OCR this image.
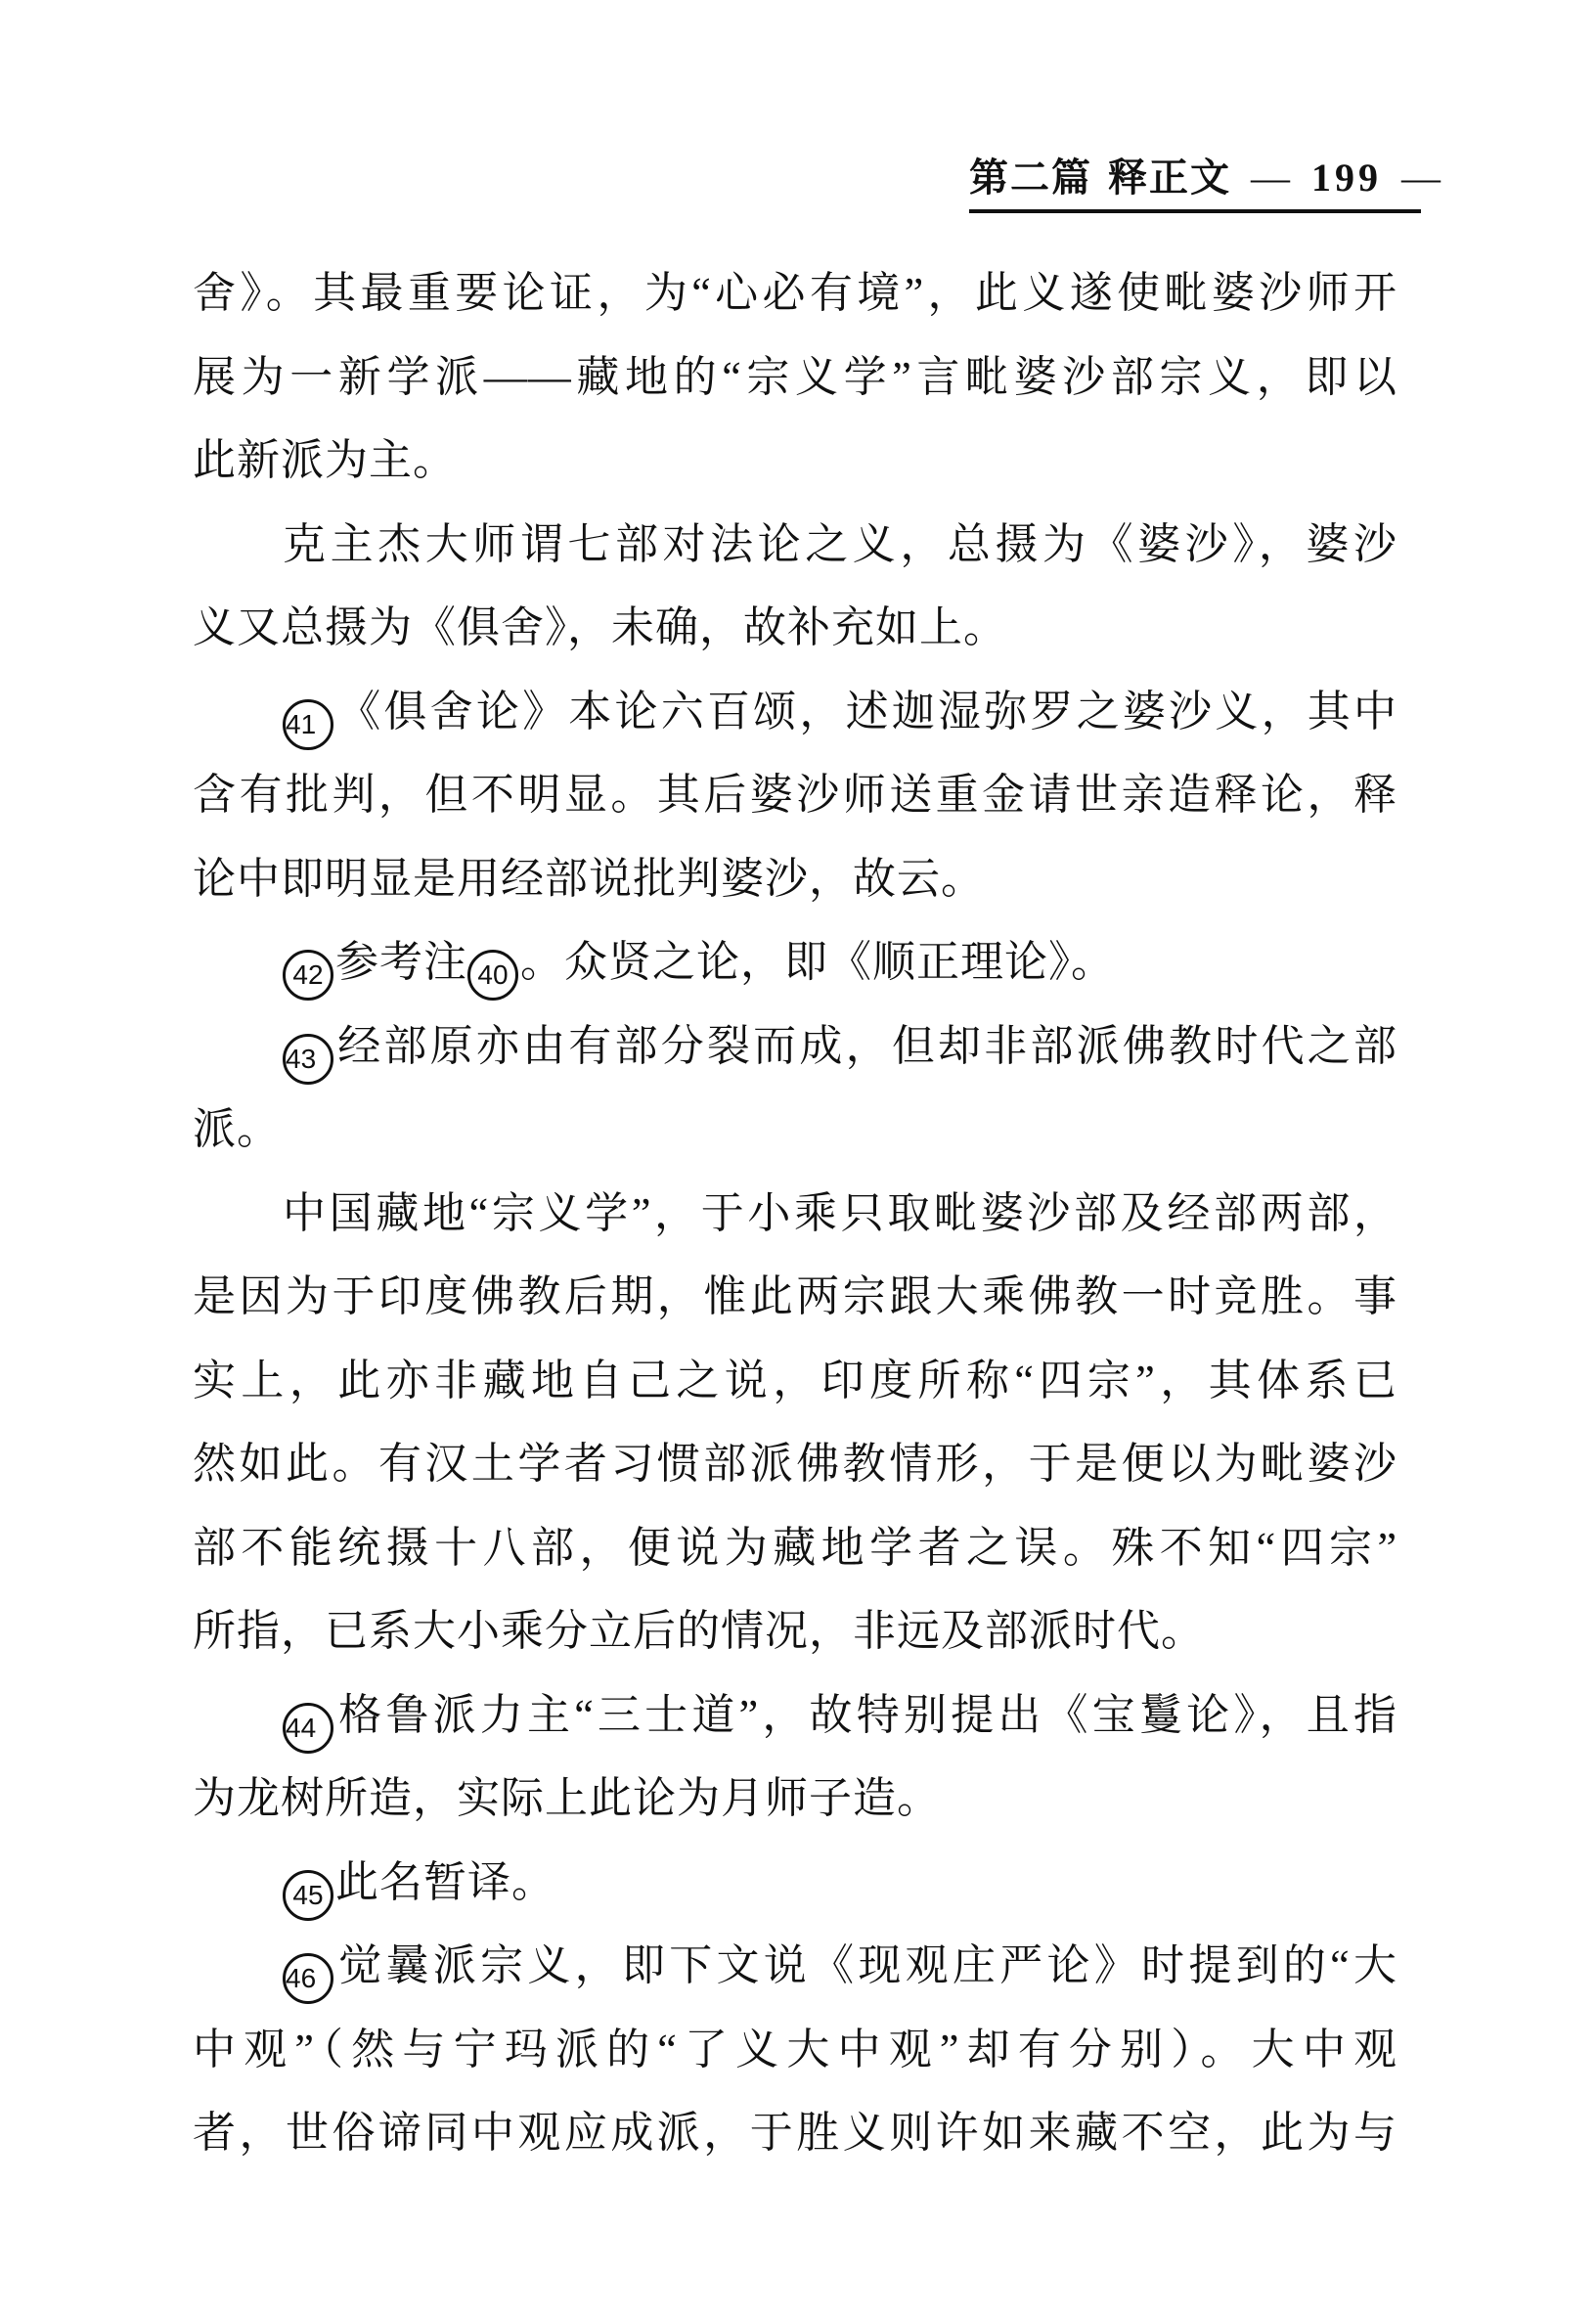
第二篇 释正文 — 199 —
舍》。其最重要论证，为“心必有境”，此义遂使毗婆沙师开
展为一新学派——藏地的“宗义学”言毗婆沙部宗义，即以
此新派为主。
克主杰大师谓七部对法论之义，总摄为《婆沙》，婆沙
义又总摄为《俱舍》，未确，故补充如上。
41 《俱舍论》本论六百颂，述迦湿弥罗之婆沙义，其中
含有批判，但不明显。其后婆沙师送重金请世亲造释论，释
论中即明显是用经部说批判婆沙，故云。
42 参考注 40 。众贤之论，即《顺正理论》。
43 经部原亦由有部分裂而成，但却非部派佛教时代之部
派。
中国藏地“宗义学”，于小乘只取毗婆沙部及经部两部，
是因为于印度佛教后期，惟此两宗跟大乘佛教一时竞胜。事
实上，此亦非藏地自己之说，印度所称“四宗”，其体系已
然如此。有汉土学者习惯部派佛教情形，于是便以为毗婆沙
部不能统摄十八部，便说为藏地学者之误。殊不知“四宗”
所指，已系大小乘分立后的情况，非远及部派时代。
44 格鲁派力主“三士道”，故特别提出《宝鬘论》，且指
为龙树所造，实际上此论为月师子造。
45 此名暂译。
46 觉曩派宗义，即下文说《现观庄严论》时提到的“大
中观”（然与宁玛派的“了义大中观”却有分别）。大中观
者，世俗谛同中观应成派，于胜义则许如来藏不空，此为与
